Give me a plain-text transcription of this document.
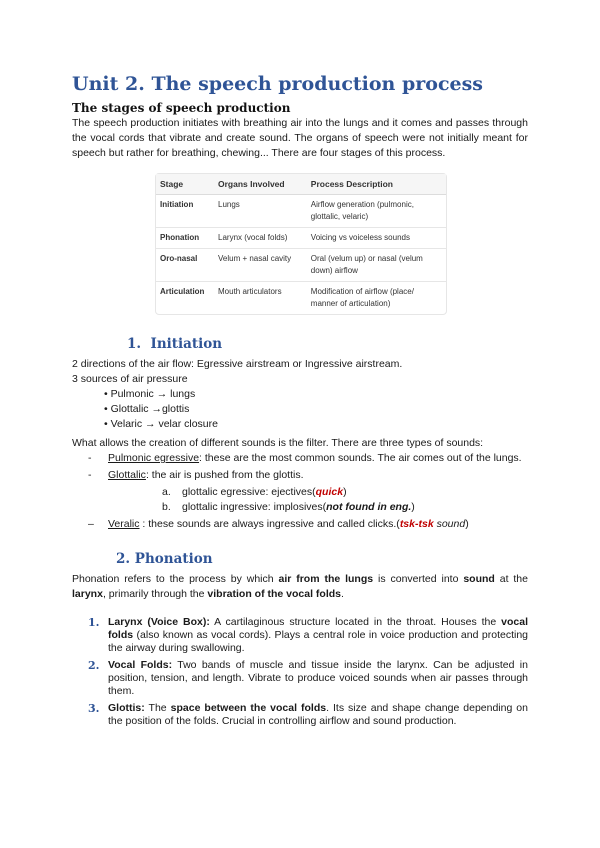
Unit 2. The speech production process
The stages of speech production

The speech production initiates with breathing air into the lungs and it comes and passes through the vocal cords that vibrate and create sound. The organs of speech were not initially meant for speech but rather for breathing, chewing... There are four stages of this process.

Stage	Organs Involved	Process Description
Initiation	Lungs	Airflow generation (pulmonic, glottalic, velaric)
Phonation	Larynx (vocal folds)	Voicing vs voiceless sounds
Oro-nasal	Velum + nasal cavity	Oral (velum up) or nasal (velum down) airflow
Articulation	Mouth articulators	Modification of airflow (place/ manner of articulation)
1. Initiation

2 directions of the air flow: Egressive airstream or Ingressive airstream.

3 sources of air pressure

• Pulmonic → lungs

• Glottalic →glottis

• Velaric → velar closure

What allows the creation of different sounds is the filter. There are three types of sounds:

-	Pulmonic egressive: these are the most common sounds. The air comes out of the lungs.
-	Glottalic: the air is pushed from the glottis.
a.	glottalic egressive: ejectives(quick)
b.	glottalic ingressive: implosives(not found in eng.)
–	Veralic : these sounds are always ingressive and called clicks.(tsk-tsk sound)
2. Phonation

Phonation refers to the process by which air from the lungs is converted into sound at the larynx, primarily through the vibration of the vocal folds.

1. Larynx (Voice Box): A cartilaginous structure located in the throat. Houses the vocal folds (also known as vocal cords). Plays a central role in voice production and protecting the airway during swallowing.
2. Vocal Folds: Two bands of muscle and tissue inside the larynx. Can be adjusted in position, tension, and length. Vibrate to produce voiced sounds when air passes through them.
3. Glottis: The space between the vocal folds. Its size and shape change depending on the position of the folds. Crucial in controlling airflow and sound production.
